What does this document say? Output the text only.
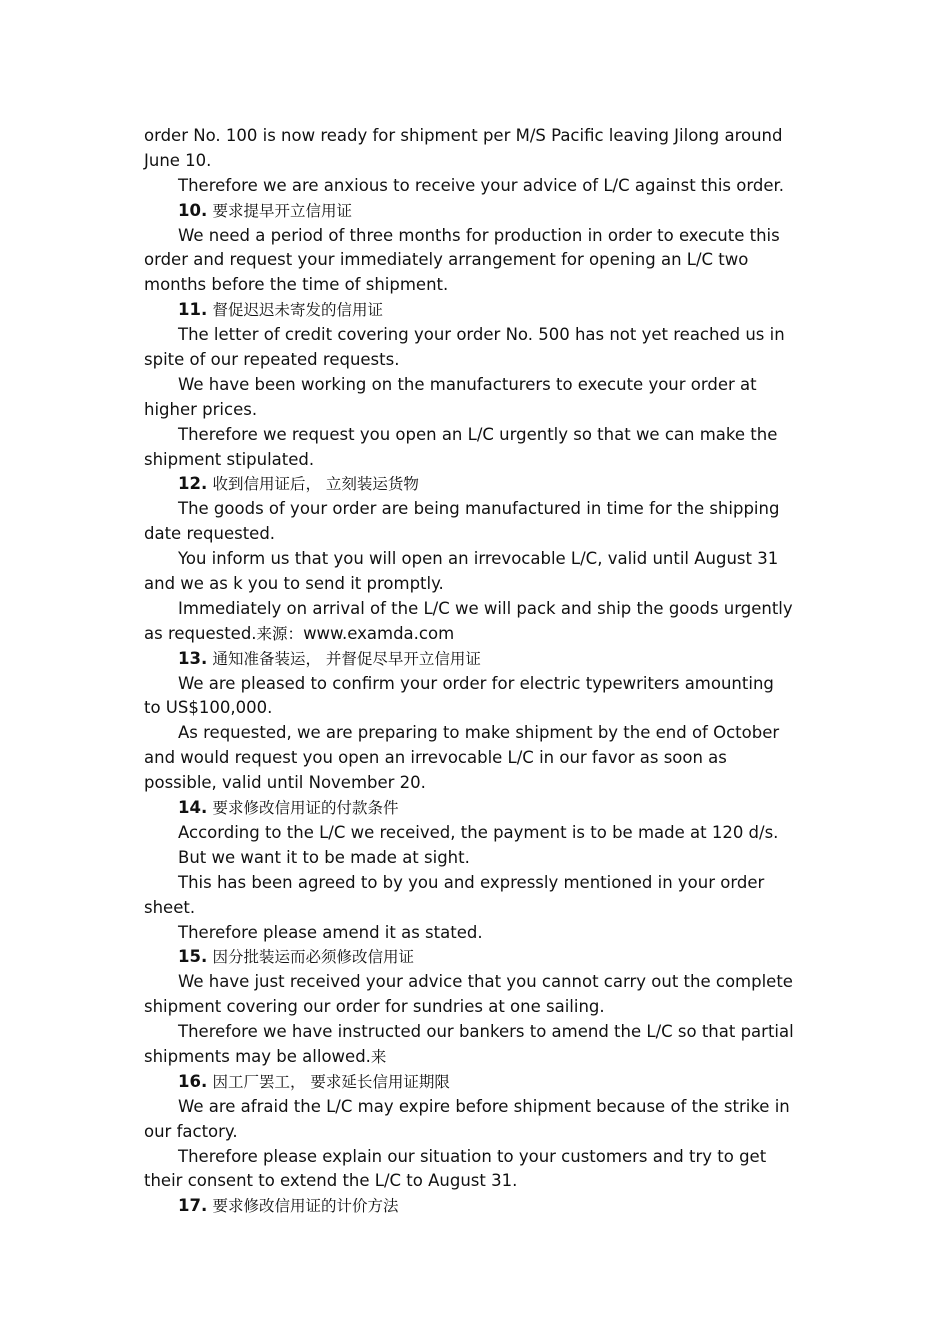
order No. 100 is now ready for shipment per M/S Pacific leaving Jilong around
June 10.
Therefore we are anxious to receive your advice of L/C against this order.
10. 要求提早开立信用证
We need a period of three months for production in order to execute this
order and request your immediately arrangement for opening an L/C two
months before the time of shipment.
11. 督促迟迟未寄发的信用证
The letter of credit covering your order No. 500 has not yet reached us in
spite of our repeated requests.
We have been working on the manufacturers to execute your order at
higher prices.
Therefore we request you open an L/C urgently so that we can make the
shipment stipulated.
12. 收到信用证后， 立刻装运货物
The goods of your order are being manufactured in time for the shipping
date requested.
You inform us that you will open an irrevocable L/C, valid until August 31
and we as k you to send it promptly.
Immediately on arrival of the L/C we will pack and ship the goods urgently
as requested.来源：www.examda.com
13. 通知准备装运， 并督促尽早开立信用证
We are pleased to confirm your order for electric typewriters amounting
to US$100,000.
As requested, we are preparing to make shipment by the end of October
and would request you open an irrevocable L/C in our favor as soon as
possible, valid until November 20.
14. 要求修改信用证的付款条件
According to the L/C we received, the payment is to be made at 120 d/s.
But we want it to be made at sight.
This has been agreed to by you and expressly mentioned in your order
sheet.
Therefore please amend it as stated.
15. 因分批装运而必须修改信用证
We have just received your advice that you cannot carry out the complete
shipment covering our order for sundries at one sailing.
Therefore we have instructed our bankers to amend the L/C so that partial
shipments may be allowed.来
16. 因工厂罢工， 要求延长信用证期限
We are afraid the L/C may expire before shipment because of the strike in
our factory.
Therefore please explain our situation to your customers and try to get
their consent to extend the L/C to August 31.
17. 要求修改信用证的计价方法
